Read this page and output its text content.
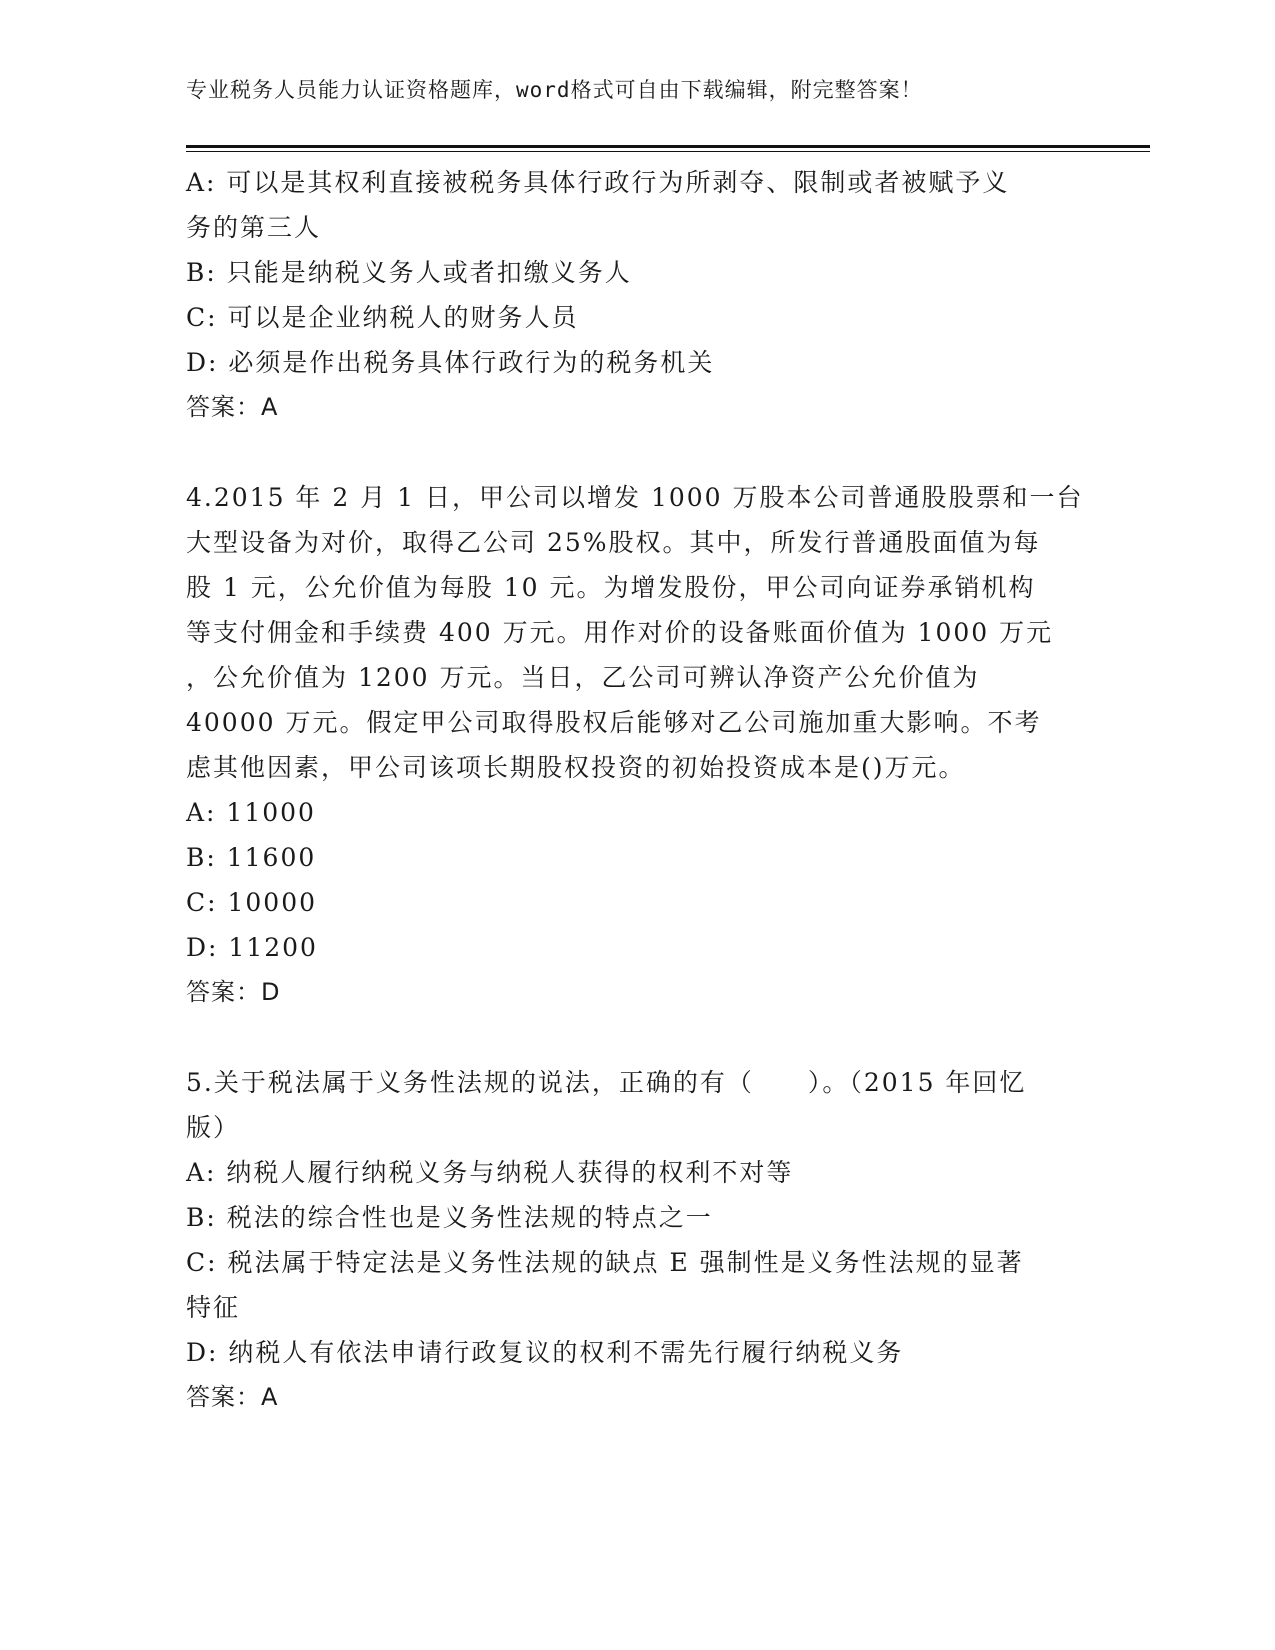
专业税务人员能力认证资格题库，word格式可自由下载编辑，附完整答案！
A: 可以是其权利直接被税务具体行政行为所剥夺、限制或者被赋予义
务的第三人
B: 只能是纳税义务人或者扣缴义务人
C: 可以是企业纳税人的财务人员
D: 必须是作出税务具体行政行为的税务机关
答案：A
4.2015 年 2 月 1 日，甲公司以增发 1000 万股本公司普通股股票和一台
大型设备为对价，取得乙公司 25%股权。其中，所发行普通股面值为每
股 1 元，公允价值为每股 10 元。为增发股份，甲公司向证券承销机构
等支付佣金和手续费 400 万元。用作对价的设备账面价值为 1000 万元
，公允价值为 1200 万元。当日，乙公司可辨认净资产公允价值为
40000 万元。假定甲公司取得股权后能够对乙公司施加重大影响。不考
虑其他因素，甲公司该项长期股权投资的初始投资成本是()万元。
A: 11000
B: 11600
C: 10000
D: 11200
答案：D
5.关于税法属于义务性法规的说法，正确的有（　　）。（2015 年回忆
版）
A: 纳税人履行纳税义务与纳税人获得的权利不对等
B: 税法的综合性也是义务性法规的特点之一
C: 税法属于特定法是义务性法规的缺点 E 强制性是义务性法规的显著
特征
D: 纳税人有依法申请行政复议的权利不需先行履行纳税义务
答案：A
